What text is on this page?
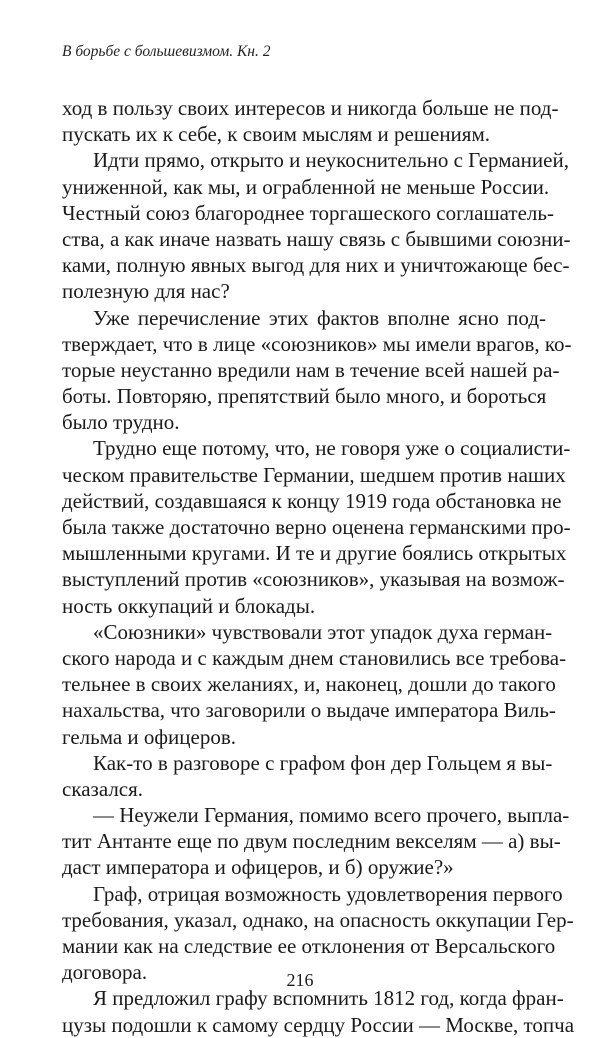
В борьбе с большевизмом. Кн. 2
ход в пользу своих интересов и никогда больше не под-
пускать их к себе, к своим мыслям и решениям.
Идти прямо, открыто и неукоснительно с Германией,
униженной, как мы, и ограбленной не меньше России.
Честный союз благороднее торгашеского соглашатель-
ства, а как иначе назвать нашу связь с бывшими союзни-
ками, полную явных выгод для них и уничтожающе бес-
полезную для нас?
Уже перечисление этих фактов вполне ясно под-
тверждает, что в лице «союзников» мы имели врагов, ко-
торые неустанно вредили нам в течение всей нашей ра-
боты. Повторяю, препятствий было много, и бороться
было трудно.
Трудно еще потому, что, не говоря уже о социалисти-
ческом правительстве Германии, шедшем против наших
действий, создавшаяся к концу 1919 года обстановка не
была также достаточно верно оценена германскими про-
мышленными кругами. И те и другие боялись открытых
выступлений против «союзников», указывая на возмож-
ность оккупаций и блокады.
«Союзники» чувствовали этот упадок духа герман-
ского народа и с каждым днем становились все требова-
тельнее в своих желаниях, и, наконец, дошли до такого
нахальства, что заговорили о выдаче императора Виль-
гельма и офицеров.
Как-то в разговоре с графом фон дер Гольцем я вы-
сказался.
— Неужели Германия, помимо всего прочего, выпла-
тит Антанте еще по двум последним векселям — а) вы-
даст императора и офицеров, и б) оружие?»
Граф, отрицая возможность удовлетворения первого
требования, указал, однако, на опасность оккупации Гер-
мании как на следствие ее отклонения от Версальского
договора.
Я предложил графу вспомнить 1812 год, когда фран-
цузы подошли к самому сердцу России — Москве, топча
216
